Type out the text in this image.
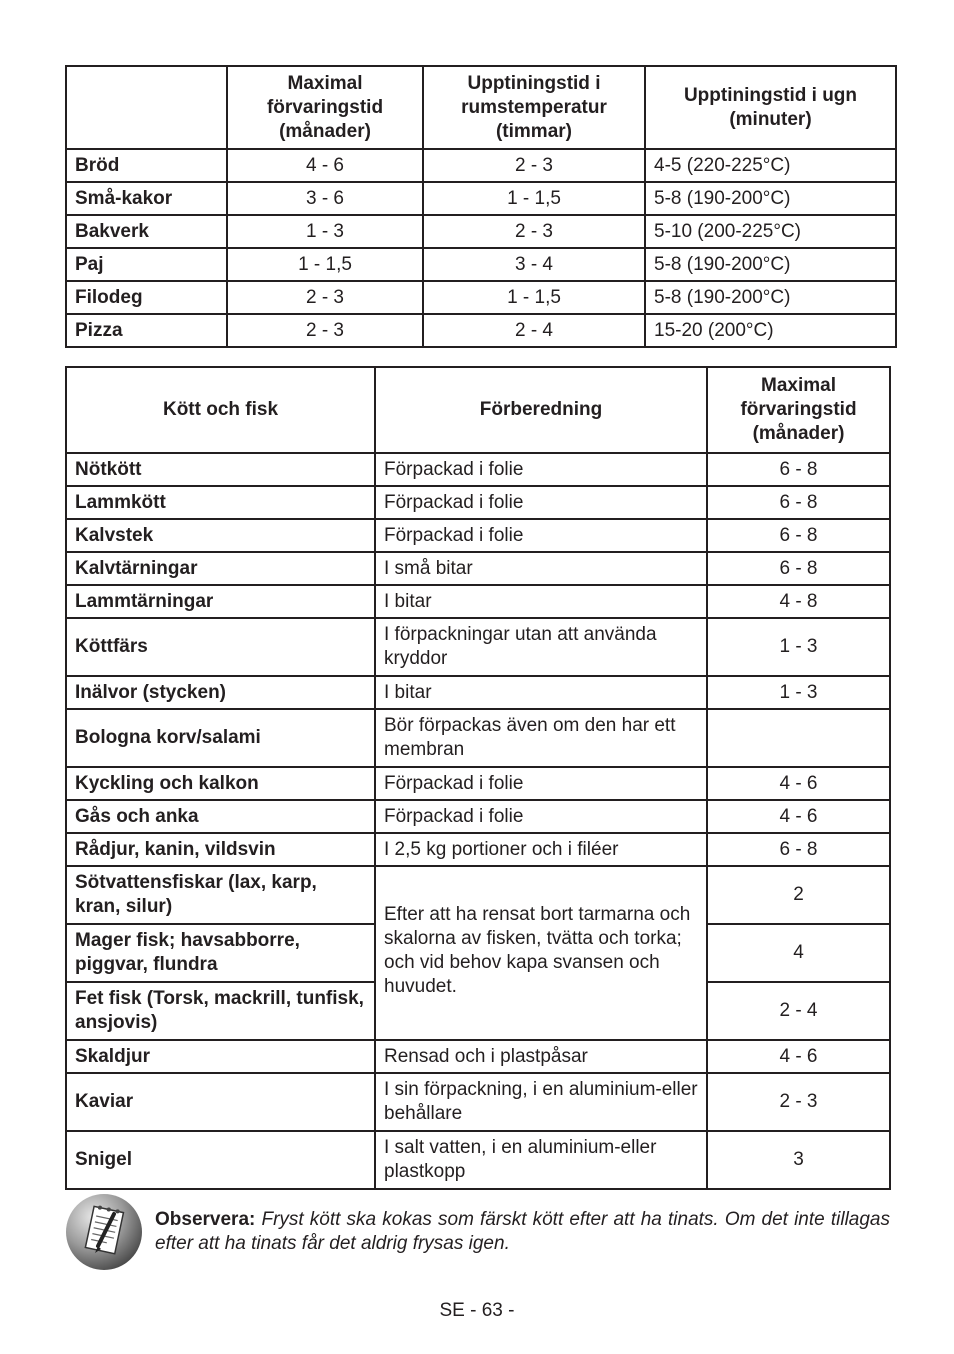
	Maximal förvaringstid (månader)	Upptiningstid i rumstemperatur (timmar)	Upptiningstid i ugn (minuter)
Bröd	4 - 6	2 - 3	4-5 (220-225°C)
Små-kakor	3 - 6	1 - 1,5	5-8 (190-200°C)
Bakverk	1 - 3	2 - 3	5-10 (200-225°C)
Paj	1 - 1,5	3 - 4	5-8 (190-200°C)
Filodeg	2 - 3	1 - 1,5	5-8 (190-200°C)
Pizza	2 - 3	2 - 4	15-20 (200°C)
Kött och fisk	Förberedning	Maximal förvaringstid (månader)
Nötkött	Förpackad i folie	6 - 8
Lammkött	Förpackad i folie	6 - 8
Kalvstek	Förpackad i folie	6 - 8
Kalvtärningar	I små bitar	6 - 8
Lammtärningar	I bitar	4 - 8
Köttfärs	I förpackningar utan att använda kryddor	1 - 3
Inälvor (stycken)	I bitar	1 - 3
Bologna korv/salami	Bör förpackas även om den har ett membran	
Kyckling och kalkon	Förpackad i folie	4 - 6
Gås och anka	Förpackad i folie	4 - 6
Rådjur, kanin, vildsvin	I 2,5 kg portioner och i filéer	6 - 8
Sötvattensfiskar (lax, karp, kran, silur)	Efter att ha rensat bort tarmarna och skalorna av fisken, tvätta och torka; och vid behov kapa svansen och huvudet.	2
Mager fisk; havsabborre, piggvar, flundra		4
Fet fisk (Torsk, mackrill, tunfisk, ansjovis)		2 - 4
Skaldjur	Rensad och i plastpåsar	4 - 6
Kaviar	I sin förpackning, i en aluminium-eller behållare	2 - 3
Snigel	I salt vatten, i en aluminium-eller plastkopp	3
Observera: Fryst kött ska kokas som färskt kött efter att ha tinats. Om det inte tillagas efter att ha tinats får det aldrig frysas igen.
SE - 63 -
